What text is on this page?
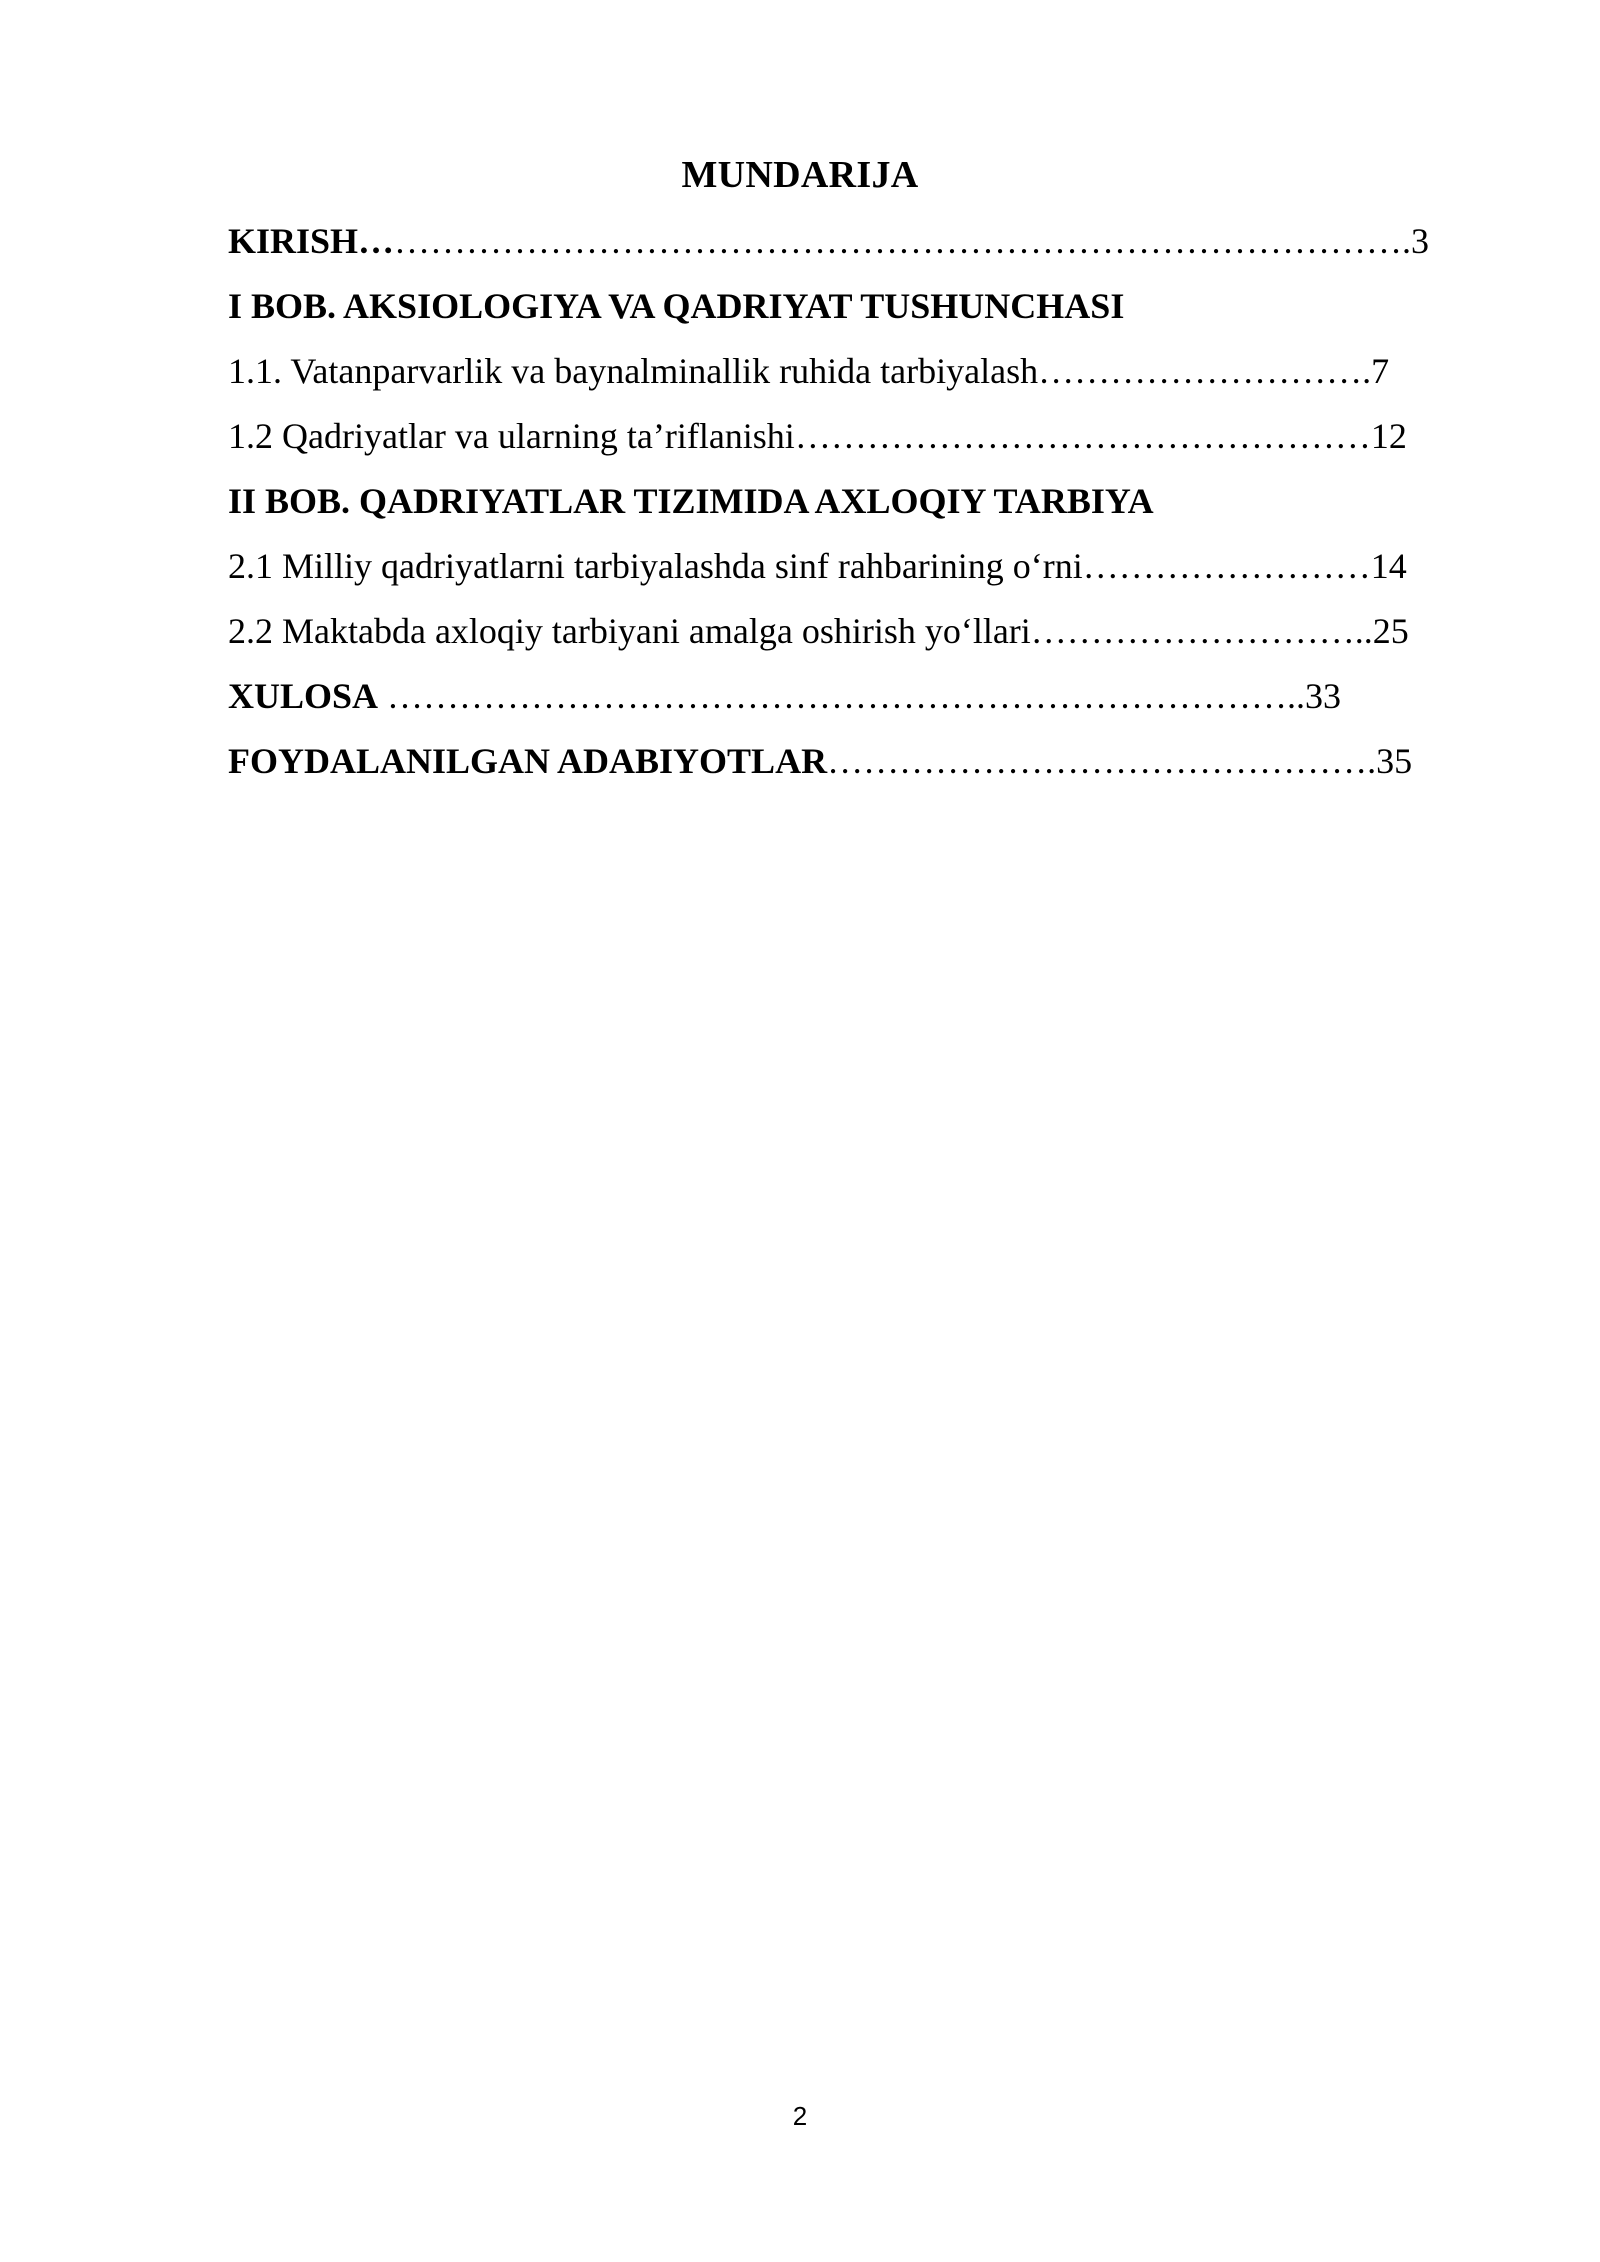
MUNDARIJA
KIRISH…………………………………………………………………………….3
I BOB. AKSIOLOGIYA VA QADRIYAT TUSHUNCHASI
1.1. Vatanparvarlik va baynalminallik ruhida tarbiyalash……………………….7
1.2 Qadriyatlar va ularning ta’riflanishi…………………………………………12
II BOB. QADRIYATLAR TIZIMIDA AXLOQIY TARBIYA
2.1 Milliy qadriyatlarni tarbiyalashda sinf rahbarining o‘rni……………………14
2.2 Maktabda axloqiy tarbiyani amalga oshirish yo‘llari………………………..25
XULOSA …………………………………………………………………..33
FOYDALANILGAN ADABIYOTLAR……………………………………….35
2
